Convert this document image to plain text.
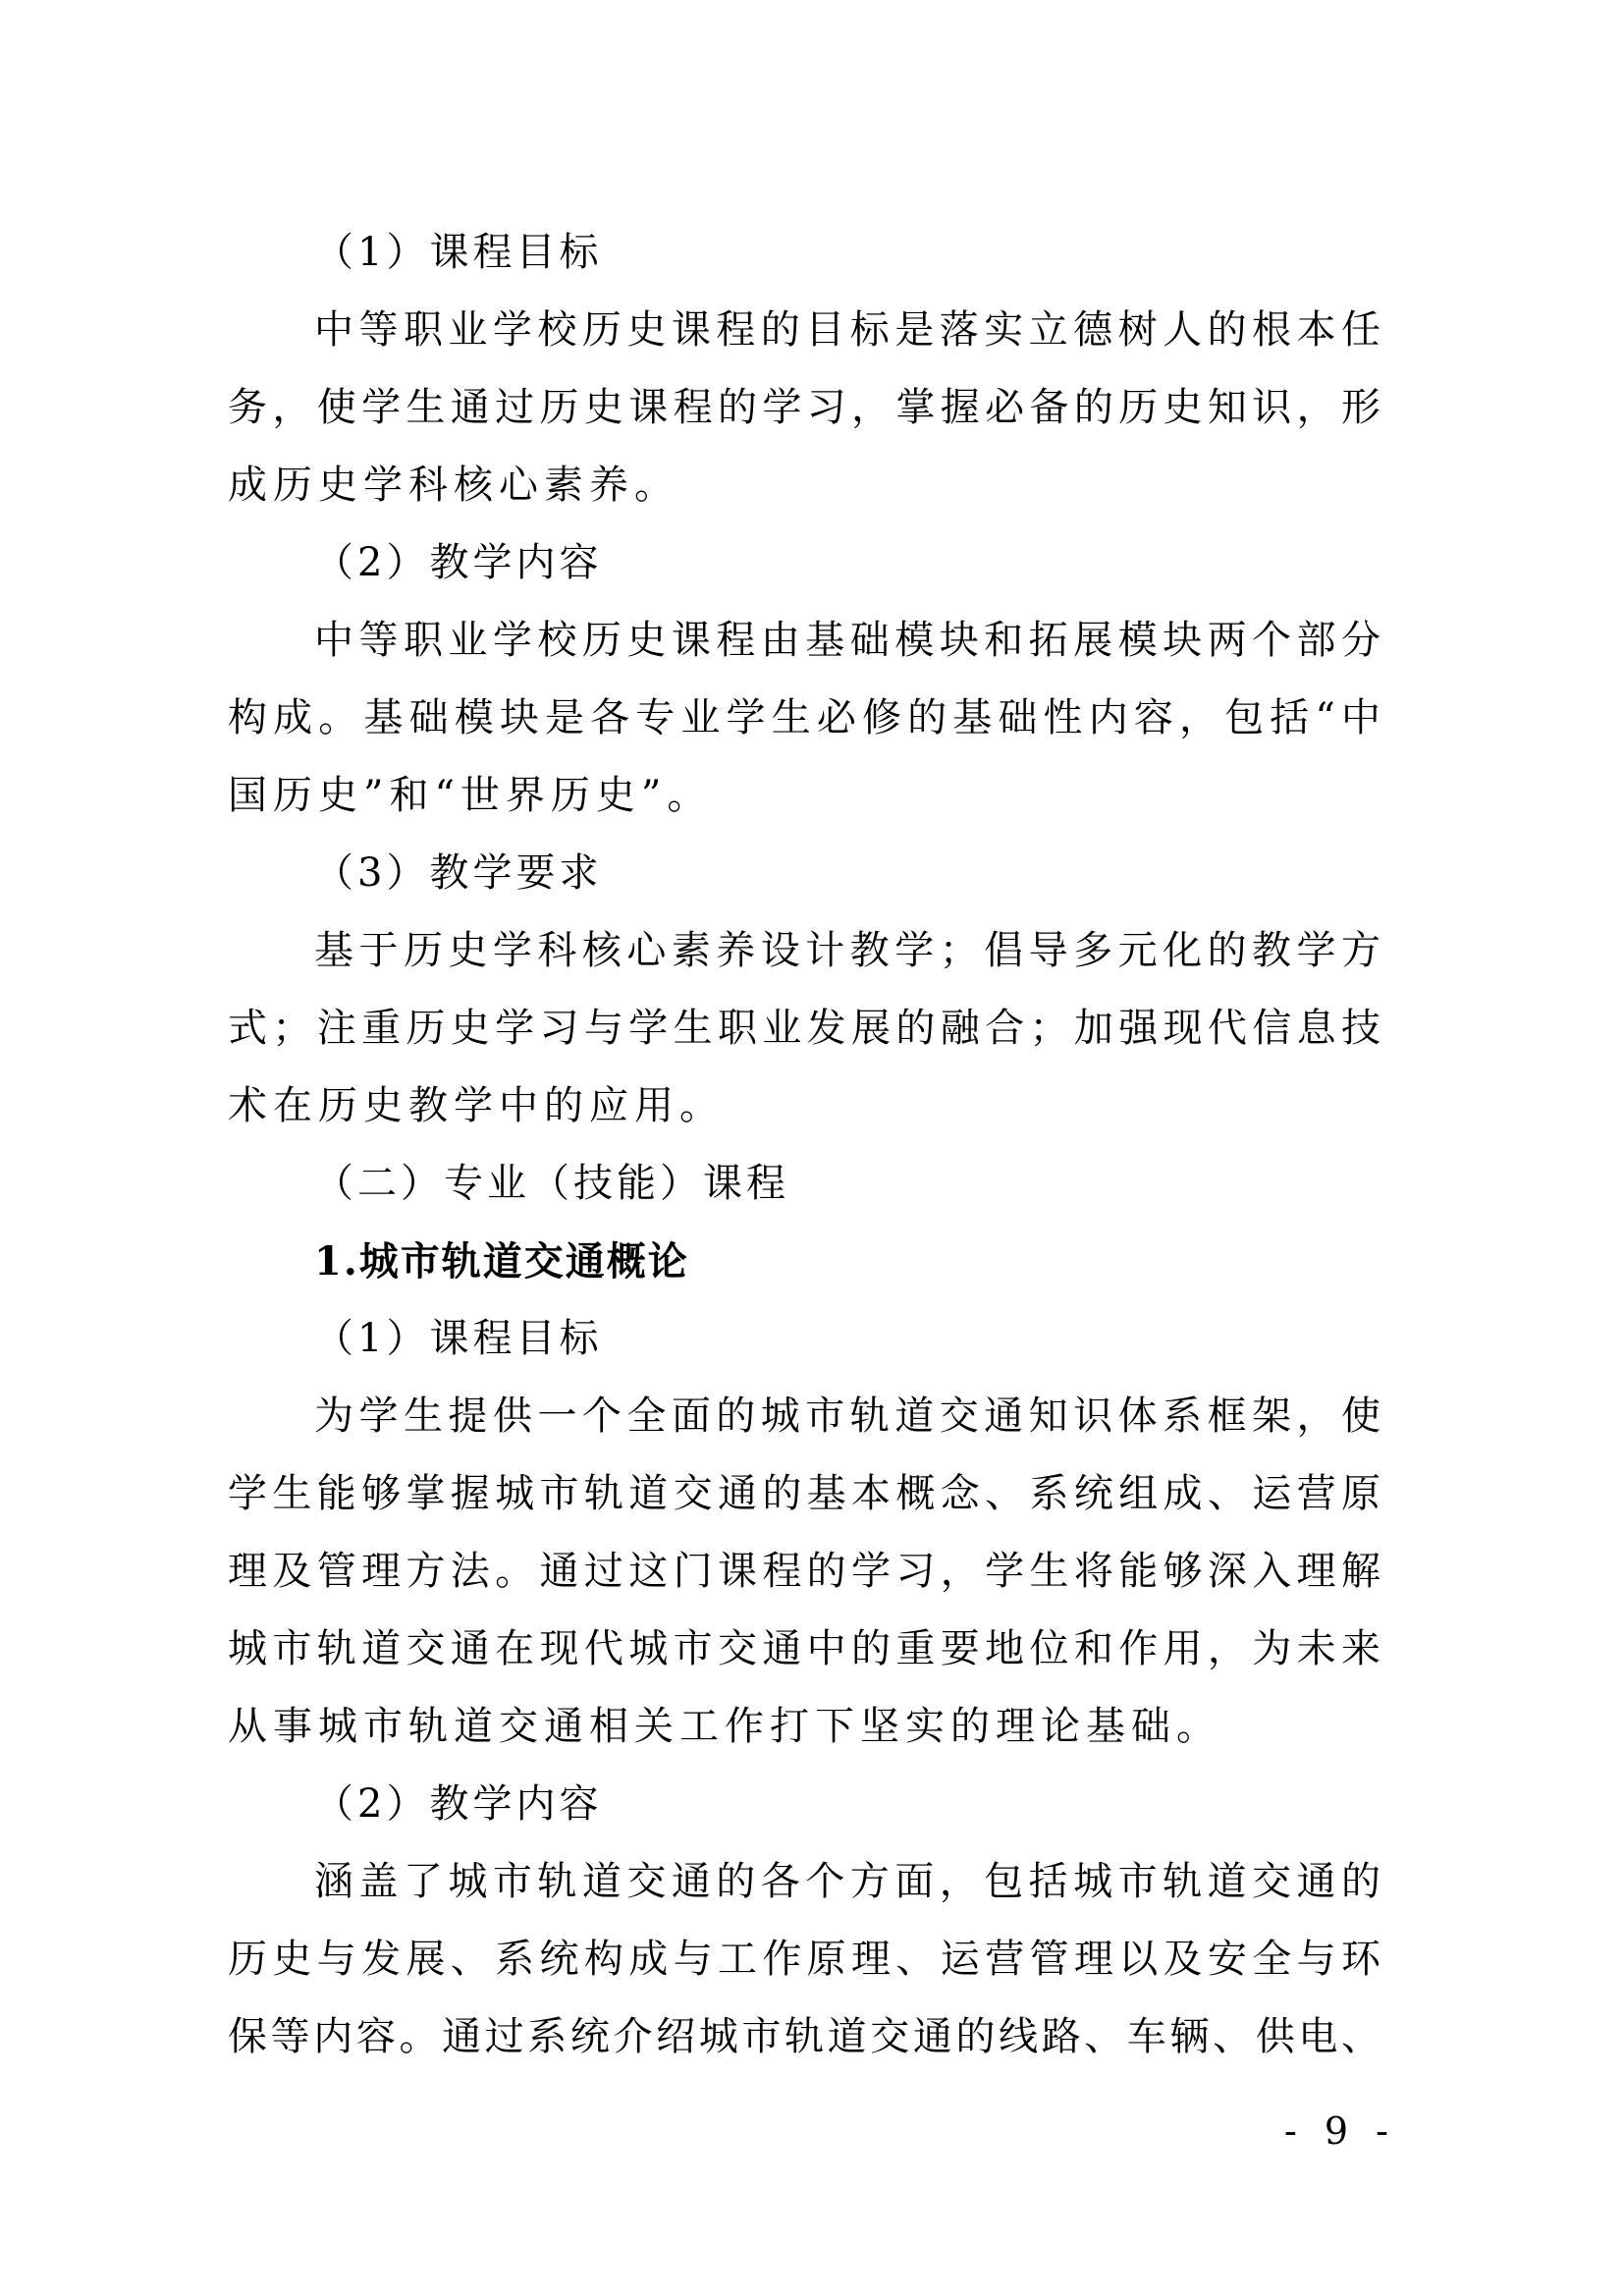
（1）课程目标
中等职业学校历史课程的目标是落实立德树人的根本任
务，使学生通过历史课程的学习，掌握必备的历史知识，形
成历史学科核心素养。
（2）教学内容
中等职业学校历史课程由基础模块和拓展模块两个部分
构成。基础模块是各专业学生必修的基础性内容，包括“中
国历史”和“世界历史”。
（3）教学要求
基于历史学科核心素养设计教学；倡导多元化的教学方
式；注重历史学习与学生职业发展的融合；加强现代信息技
术在历史教学中的应用。
（二）专业（技能）课程
1.城市轨道交通概论
（1）课程目标
为学生提供一个全面的城市轨道交通知识体系框架，使
学生能够掌握城市轨道交通的基本概念、系统组成、运营原
理及管理方法。通过这门课程的学习，学生将能够深入理解
城市轨道交通在现代城市交通中的重要地位和作用，为未来
从事城市轨道交通相关工作打下坚实的理论基础。
（2）教学内容
涵盖了城市轨道交通的各个方面，包括城市轨道交通的
历史与发展、系统构成与工作原理、运营管理以及安全与环
保等内容。通过系统介绍城市轨道交通的线路、车辆、供电、
- 9 -
